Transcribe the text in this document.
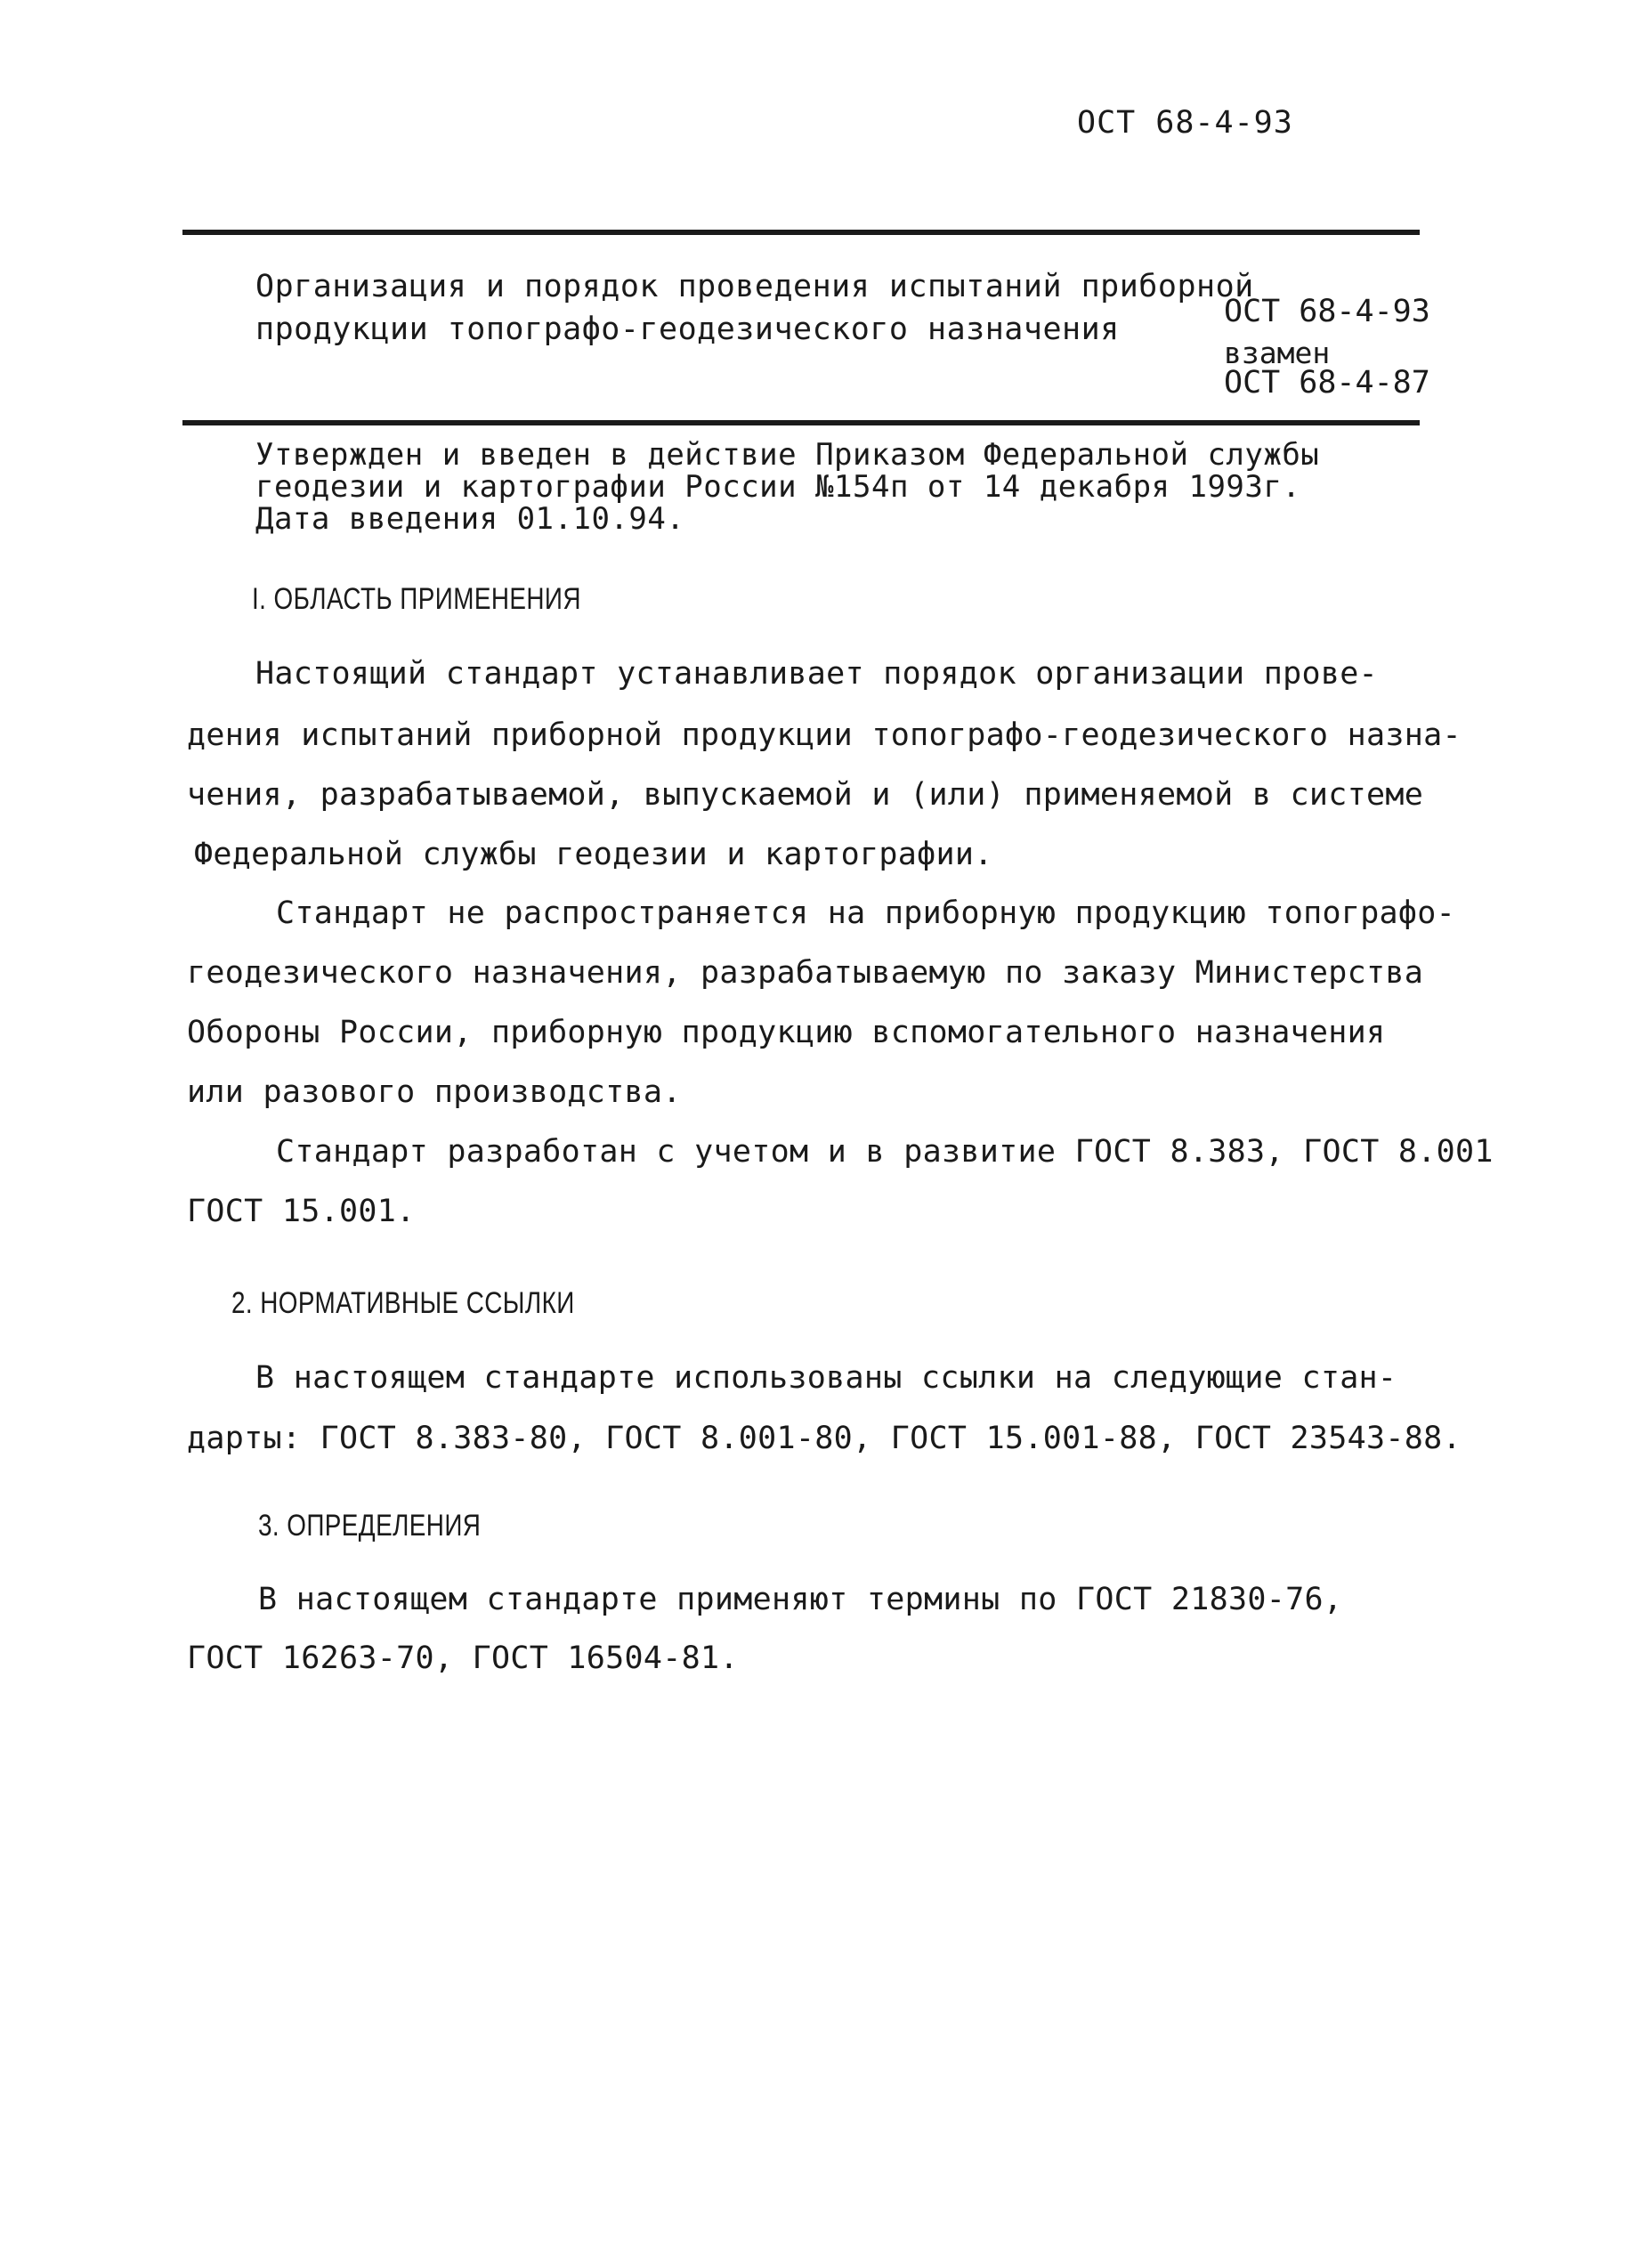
ОСТ 68-4-93
Организация и порядок проведения испытаний приборной
продукции топографо-геодезического назначения	ОСТ 68-4-93
взамен
ОСТ 68-4-87
Утвержден и введен в действие Приказом Федеральной службы
геодезии и картографии России №154п от 14 декабря 1993г.
Дата введения 01.10.94.
I. ОБЛАСТЬ ПРИМЕНЕНИЯ
Настоящий стандарт устанавливает порядок организации прове-
дения испытаний приборной продукции топографо-геодезического назна-
чения, разрабатываемой, выпускаемой и (или) применяемой в системе
Федеральной службы геодезии и картографии.
Стандарт не распространяется на приборную продукцию топографо-
геодезического назначения, разрабатываемую по заказу Министерства
Обороны России, приборную продукцию вспомогательного назначения
или разового производства.
Стандарт разработан с учетом и в развитие ГОСТ 8.383, ГОСТ 8.001
ГОСТ 15.001.
2. НОРМАТИВНЫЕ ССЫЛКИ
В настоящем стандарте использованы ссылки на следующие стан-
дарты: ГОСТ 8.383-80, ГОСТ 8.001-80, ГОСТ 15.001-88, ГОСТ 23543-88.
3. ОПРЕДЕЛЕНИЯ
В настоящем стандарте применяют термины по ГОСТ 21830-76,
ГОСТ 16263-70, ГОСТ 16504-81.
